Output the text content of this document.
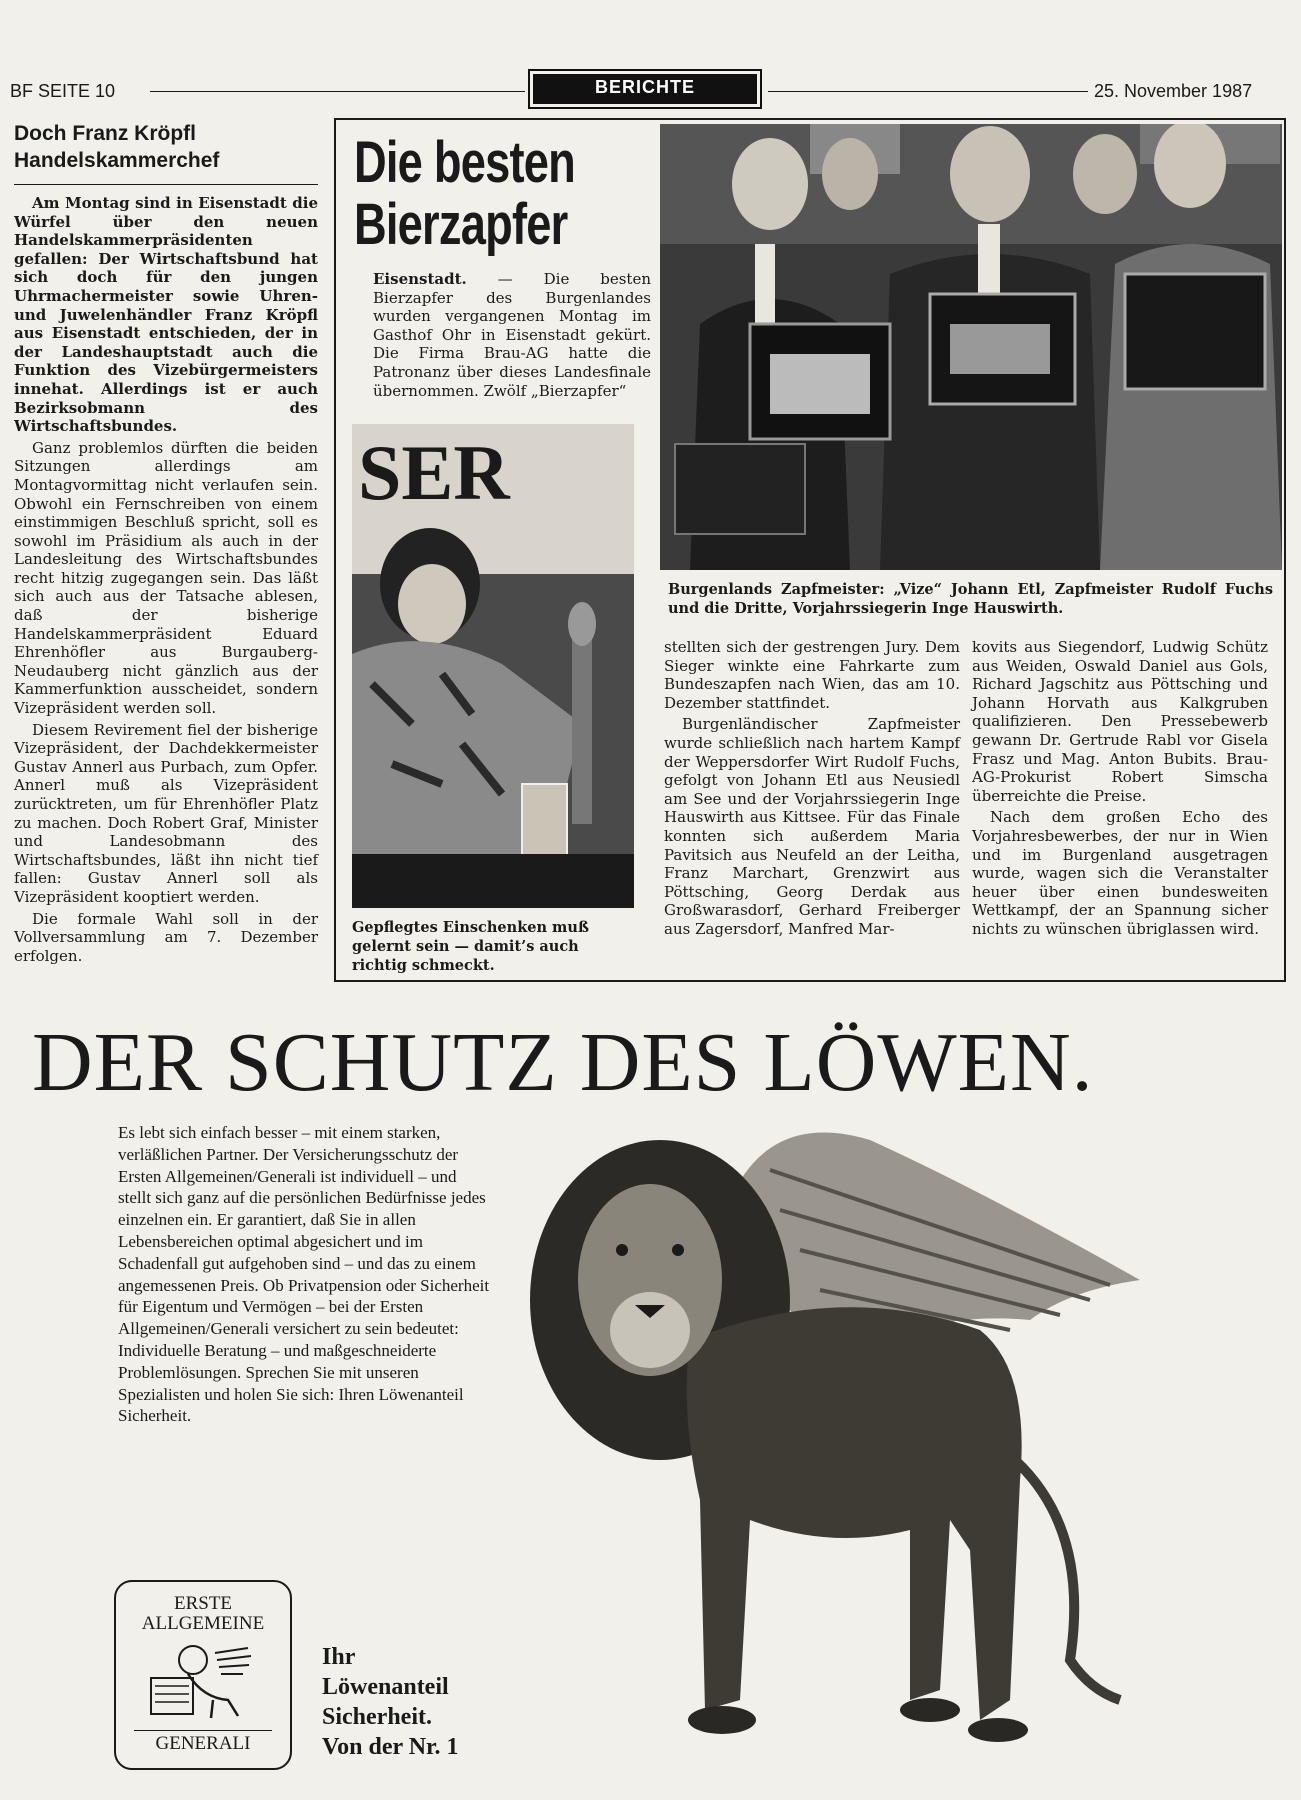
BF SEITE 10	BERICHTE	25. November 1987
Doch Franz Kröpfl Handelskammerchef

Am Montag sind in Eisenstadt die Würfel über den neuen Handelskammerpräsidenten gefallen: Der Wirtschaftsbund hat sich doch für den jungen Uhrmachermeister sowie Uhren- und Juwelenhändler Franz Kröpfl aus Eisenstadt entschieden, der in der Landeshauptstadt auch die Funktion des Vizebürgermeisters innehat. Allerdings ist er auch Bezirksobmann des Wirtschaftsbundes.

Ganz problemlos dürften die beiden Sitzungen allerdings am Montagvormittag nicht verlaufen sein. Obwohl ein Fernschreiben von einem einstimmigen Beschluß spricht, soll es sowohl im Präsidium als auch in der Landesleitung des Wirtschaftsbundes recht hitzig zugegangen sein. Das läßt sich auch aus der Tatsache ablesen, daß der bisherige Handelskammerpräsident Eduard Ehrenhöfler aus Burgauberg-Neudauberg nicht gänzlich aus der Kammerfunktion ausscheidet, sondern Vizepräsident werden soll.

Diesem Revirement fiel der bisherige Vizepräsident, der Dachdekkermeister Gustav Annerl aus Purbach, zum Opfer. Annerl muß als Vizepräsident zurücktreten, um für Ehrenhöfler Platz zu machen. Doch Robert Graf, Minister und Landesobmann des Wirtschaftsbundes, läßt ihn nicht tief fallen: Gustav Annerl soll als Vizepräsident kooptiert werden.

Die formale Wahl soll in der Vollversammlung am 7. Dezember erfolgen.

Die besten
Bierzapfer

Eisenstadt. — Die besten Bierzapfer des Burgenlandes wurden vergangenen Montag im Gasthof Ohr in Eisenstadt gekürt. Die Firma Brau-AG hatte die Patronanz über dieses Landesfinale übernommen. Zwölf „Bierzapfer“

Burgenlands Zapfmeister: „Vize“ Johann Etl, Zapfmeister Rudolf Fuchs und die Dritte, Vorjahrssiegerin Inge Hauswirth.
SER
Gepflegtes Einschenken muß gelernt sein — damit’s auch richtig schmeckt.

stellten sich der gestrengen Jury. Dem Sieger winkte eine Fahrkarte zum Bundeszapfen nach Wien, das am 10. Dezember stattfindet.

Burgenländischer Zapfmeister wurde schließlich nach hartem Kampf der Weppersdorfer Wirt Rudolf Fuchs, gefolgt von Johann Etl aus Neusiedl am See und der Vorjahrssiegerin Inge Hauswirth aus Kittsee. Für das Finale konnten sich außerdem Maria Pavitsich aus Neufeld an der Leitha, Franz Marchart, Grenzwirt aus Pöttsching, Georg Derdak aus Großwarasdorf, Gerhard Freiberger aus Zagersdorf, Manfred Mar-

kovits aus Siegendorf, Ludwig Schütz aus Weiden, Oswald Daniel aus Gols, Richard Jagschitz aus Pöttsching und Johann Horvath aus Kalkgruben qualifizieren. Den Pressebewerb gewann Dr. Gertrude Rabl vor Gisela Frasz und Mag. Anton Bubits. Brau-AG-Prokurist Robert Simscha überreichte die Preise.

Nach dem großen Echo des Vorjahresbewerbes, der nur in Wien und im Burgenland ausgetragen wurde, wagen sich die Veranstalter heuer über einen bundesweiten Wettkampf, der an Spannung sicher nichts zu wünschen übriglassen wird.

DER SCHUTZ DES LÖWEN.
Es lebt sich einfach besser – mit einem starken, verläßlichen Partner. Der Versicherungsschutz der Ersten Allgemeinen/Generali ist individuell – und stellt sich ganz auf die persönlichen Bedürfnisse jedes einzelnen ein. Er garantiert, daß Sie in allen Lebensbereichen optimal abgesichert und im Schadenfall gut aufgehoben sind – und das zu einem angemessenen Preis. Ob Privatpension oder Sicherheit für Eigentum und Vermögen – bei der Ersten Allgemeinen/Generali versichert zu sein bedeutet: Individuelle Beratung – und maßgeschneiderte Problemlösungen. Sprechen Sie mit unseren Spezialisten und holen Sie sich: Ihren Löwenanteil Sicherheit.
ERSTE
ALLGEMEINE
GENERALI
Ihr
Löwenanteil
Sicherheit.
Von der Nr. 1
